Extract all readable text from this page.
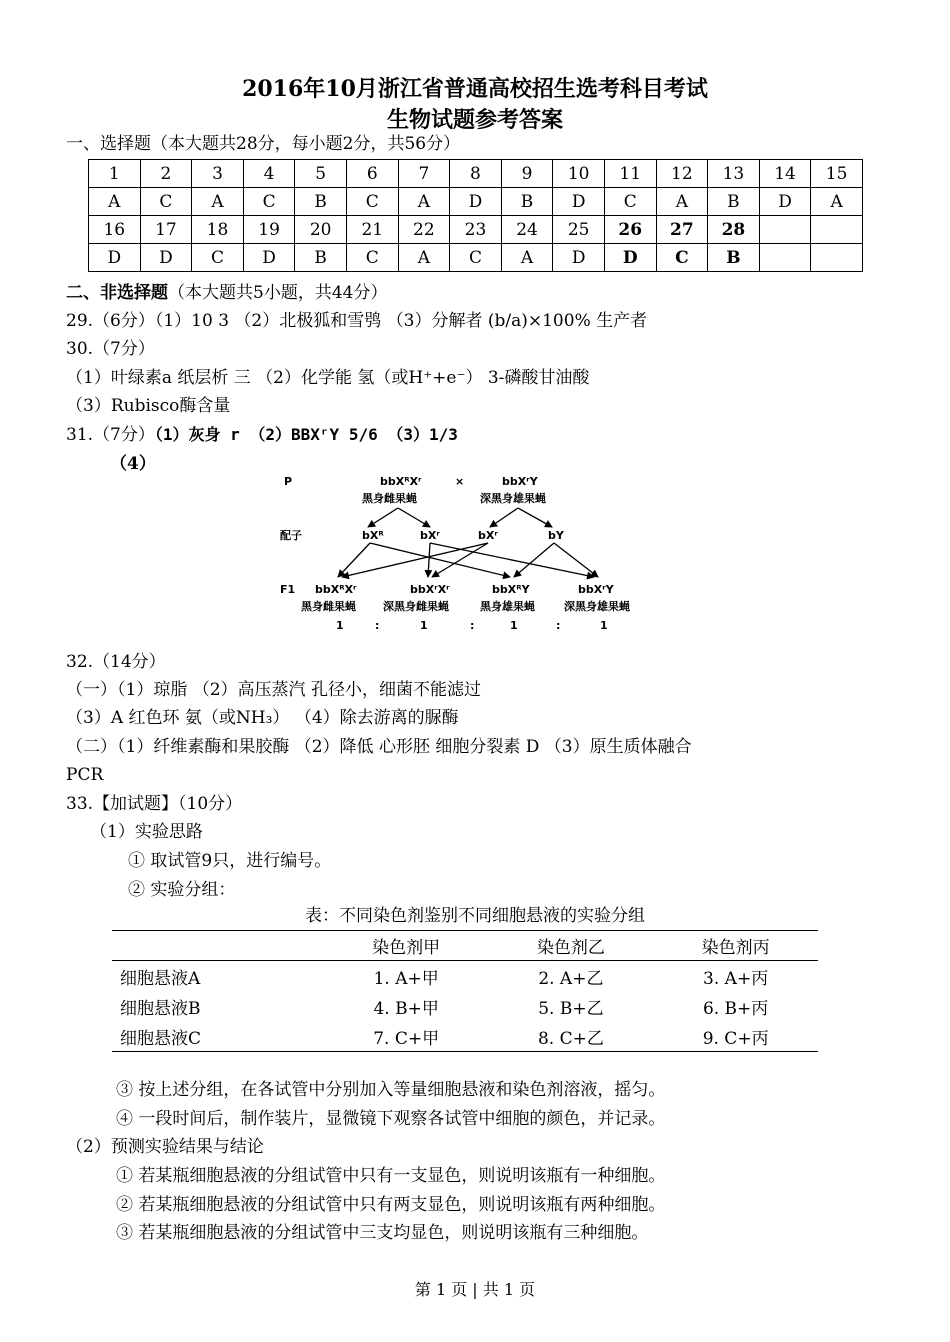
2016年10月浙江省普通高校招生选考科目考试
生物试题参考答案
一、选择题（本大题共28分，每小题2分，共56分）
1	2	3	4	5	6	7	8	9	10	11	12	13	14	15
A	C	A	C	B	C	A	D	B	D	C	A	B	D	A
16	17	18	19	20	21	22	23	24	25	26	27	28		
D	D	C	D	B	C	A	C	A	D	D	C	B		
二、非选择题（本大题共5小题，共44分）
29.（6分）（1）10 3 （2）北极狐和雪鸮 （3）分解者 (b/a)×100% 生产者
30.（7分）
（1）叶绿素a 纸层析 三 （2）化学能 氢（或H⁺+e⁻） 3-磷酸甘油酸
（3）Rubisco酶含量
31.（7分）（1）灰身 r （2）BBXʳY 5/6 （3）1/3
（4）
P	bbXᴿXʳ
黑身雌果蝇
×	bbXʳY
深黑身雄果蝇
配子	bXᴿ	bXʳ	bXʳ	bY
F1 bbXᴿXʳ	bbXʳXʳ	bbXᴿY	bbXʳY
黑身雌果蝇 深黑身雌果蝇	黑身雄果蝇	深黑身雄果蝇
1	:	1	:	1	:	1
32.（14分）
（一）（1）琼脂 （2）高压蒸汽 孔径小，细菌不能滤过
（3）A 红色环 氨（或NH₃） （4）除去游离的脲酶
（二）（1）纤维素酶和果胶酶 （2）降低 心形胚 细胞分裂素 D （3）原生质体融合
PCR
33.【加试题】（10分）
（1）实验思路
① 取试管9只，进行编号。
② 实验分组：
表：不同染色剂鉴别不同细胞悬液的实验分组
	染色剂甲	染色剂乙	染色剂丙
细胞悬液A	1. A+甲	2. A+乙	3. A+丙
细胞悬液B	4. B+甲	5. B+乙	6. B+丙
细胞悬液C	7. C+甲	8. C+乙	9. C+丙
③ 按上述分组，在各试管中分别加入等量细胞悬液和染色剂溶液，摇匀。
④ 一段时间后，制作装片，显微镜下观察各试管中细胞的颜色，并记录。
（2）预测实验结果与结论
① 若某瓶细胞悬液的分组试管中只有一支显色，则说明该瓶有一种细胞。
② 若某瓶细胞悬液的分组试管中只有两支显色，则说明该瓶有两种细胞。
③ 若某瓶细胞悬液的分组试管中三支均显色，则说明该瓶有三种细胞。
第 1 页 | 共 1 页
